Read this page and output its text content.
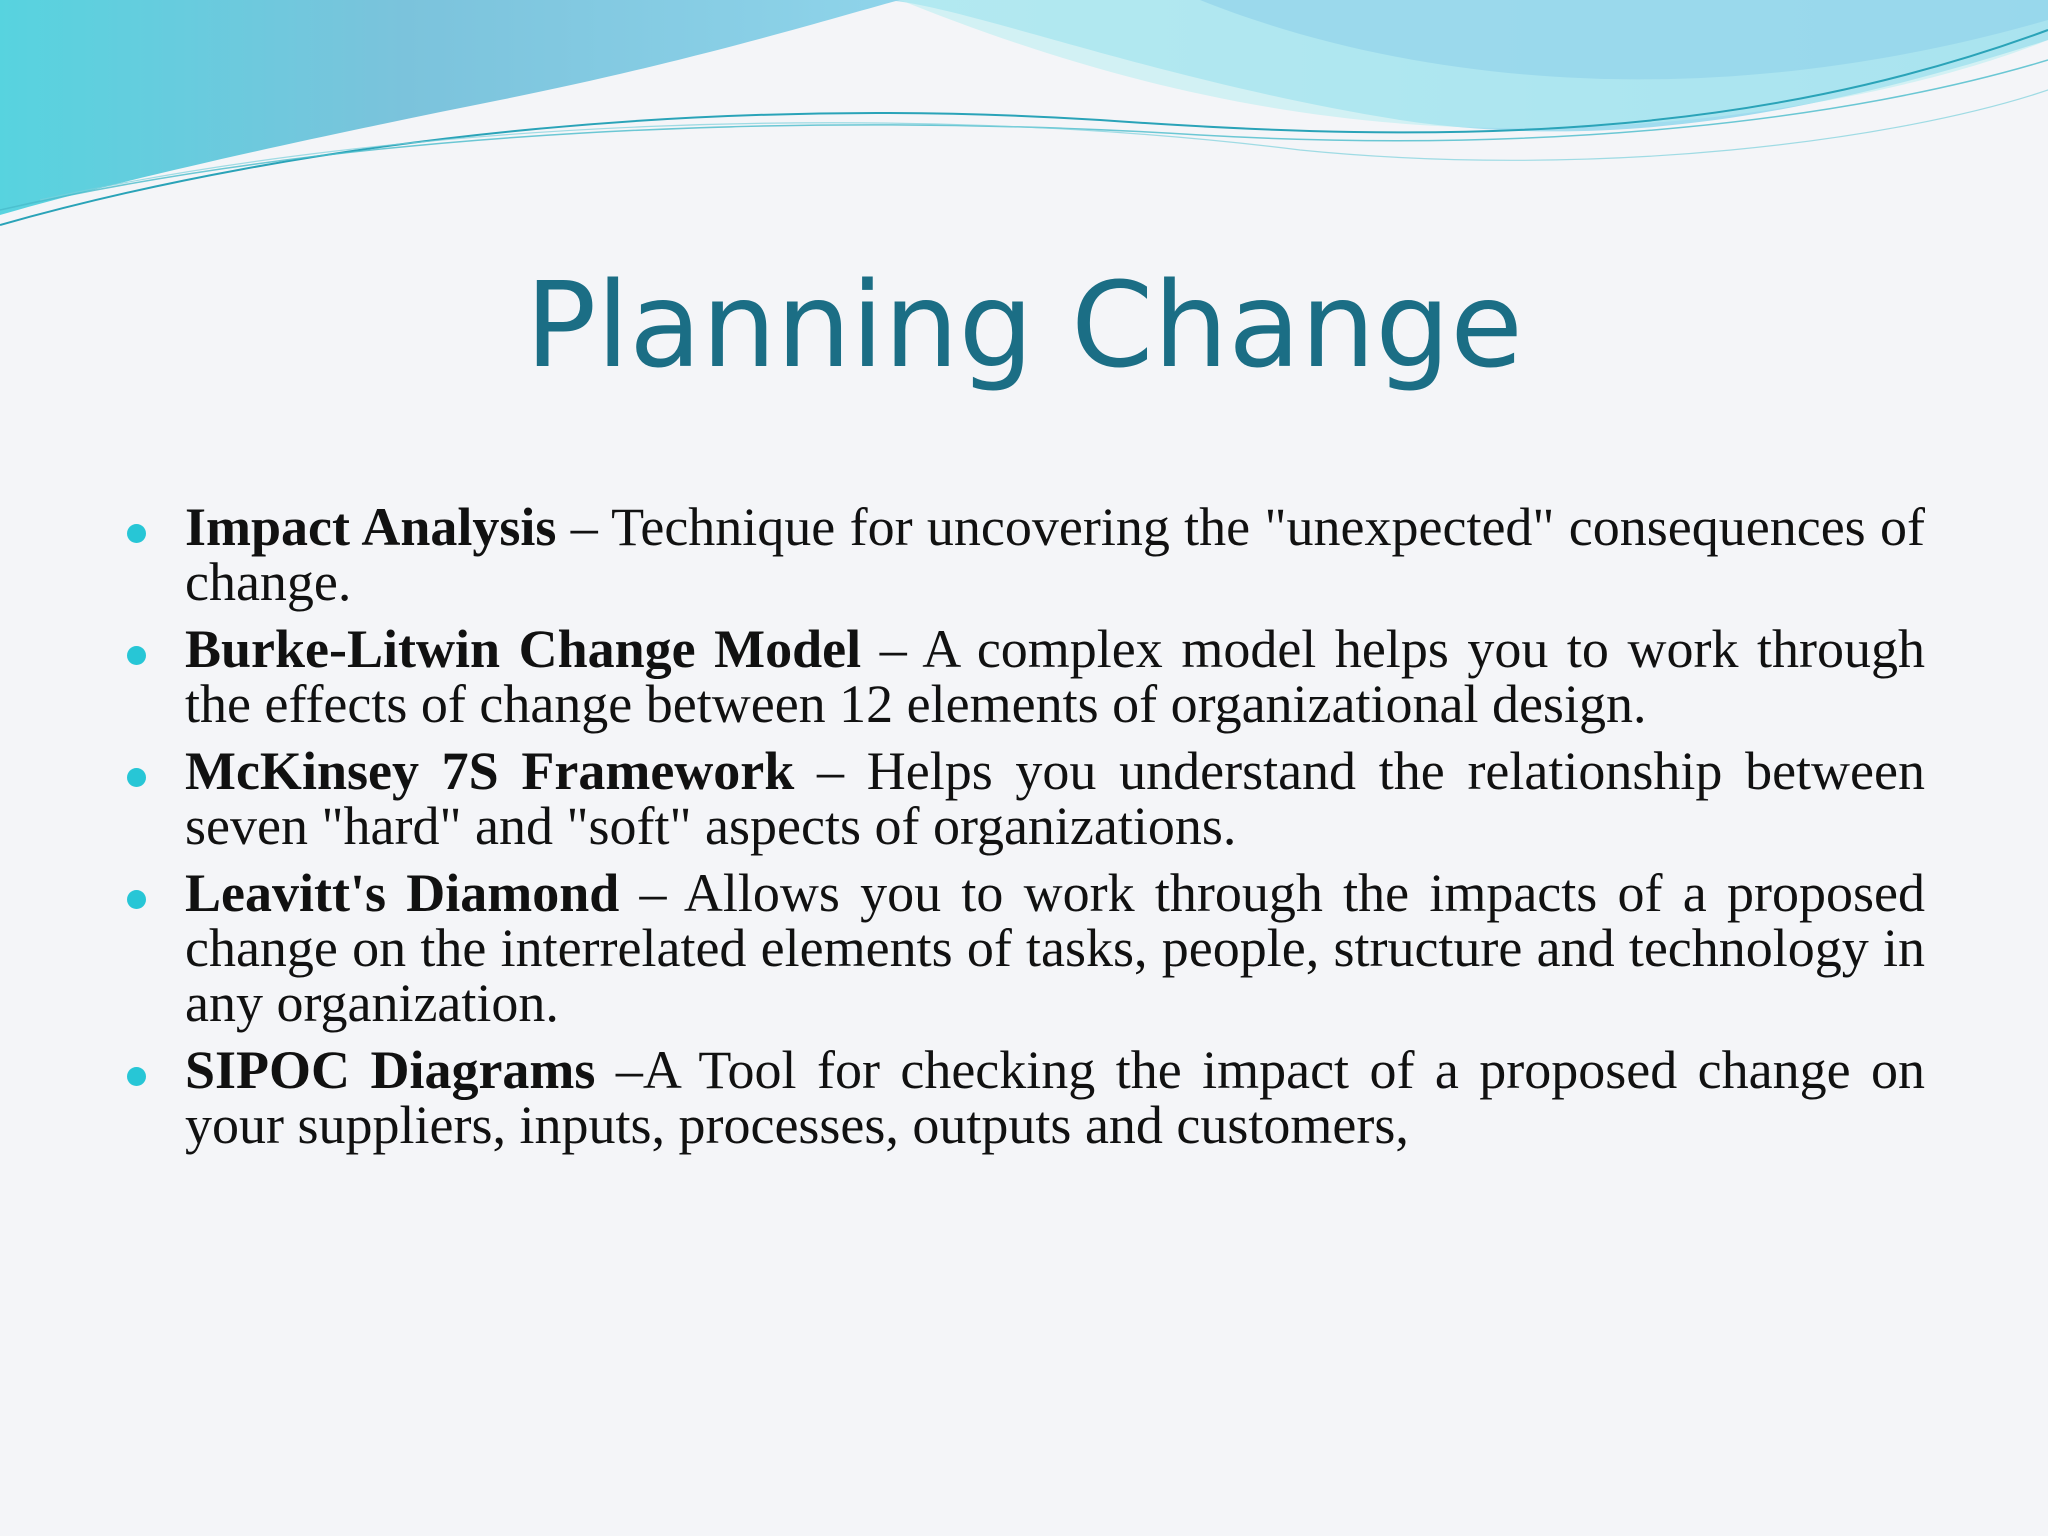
Planning Change
Impact Analysis – Technique for uncovering the "unexpected" consequences of change.
Burke-Litwin Change Model – A complex model helps you to work through the effects of change between 12 elements of organizational design.
McKinsey 7S Framework – Helps you understand the relationship between seven "hard" and "soft" aspects of organizations.
Leavitt's Diamond – Allows you to work through the impacts of a proposed change on the interrelated elements of tasks, people, structure and technology in any organization.
SIPOC Diagrams –A Tool for checking the impact of a proposed change on your suppliers, inputs, processes, outputs and customers,
